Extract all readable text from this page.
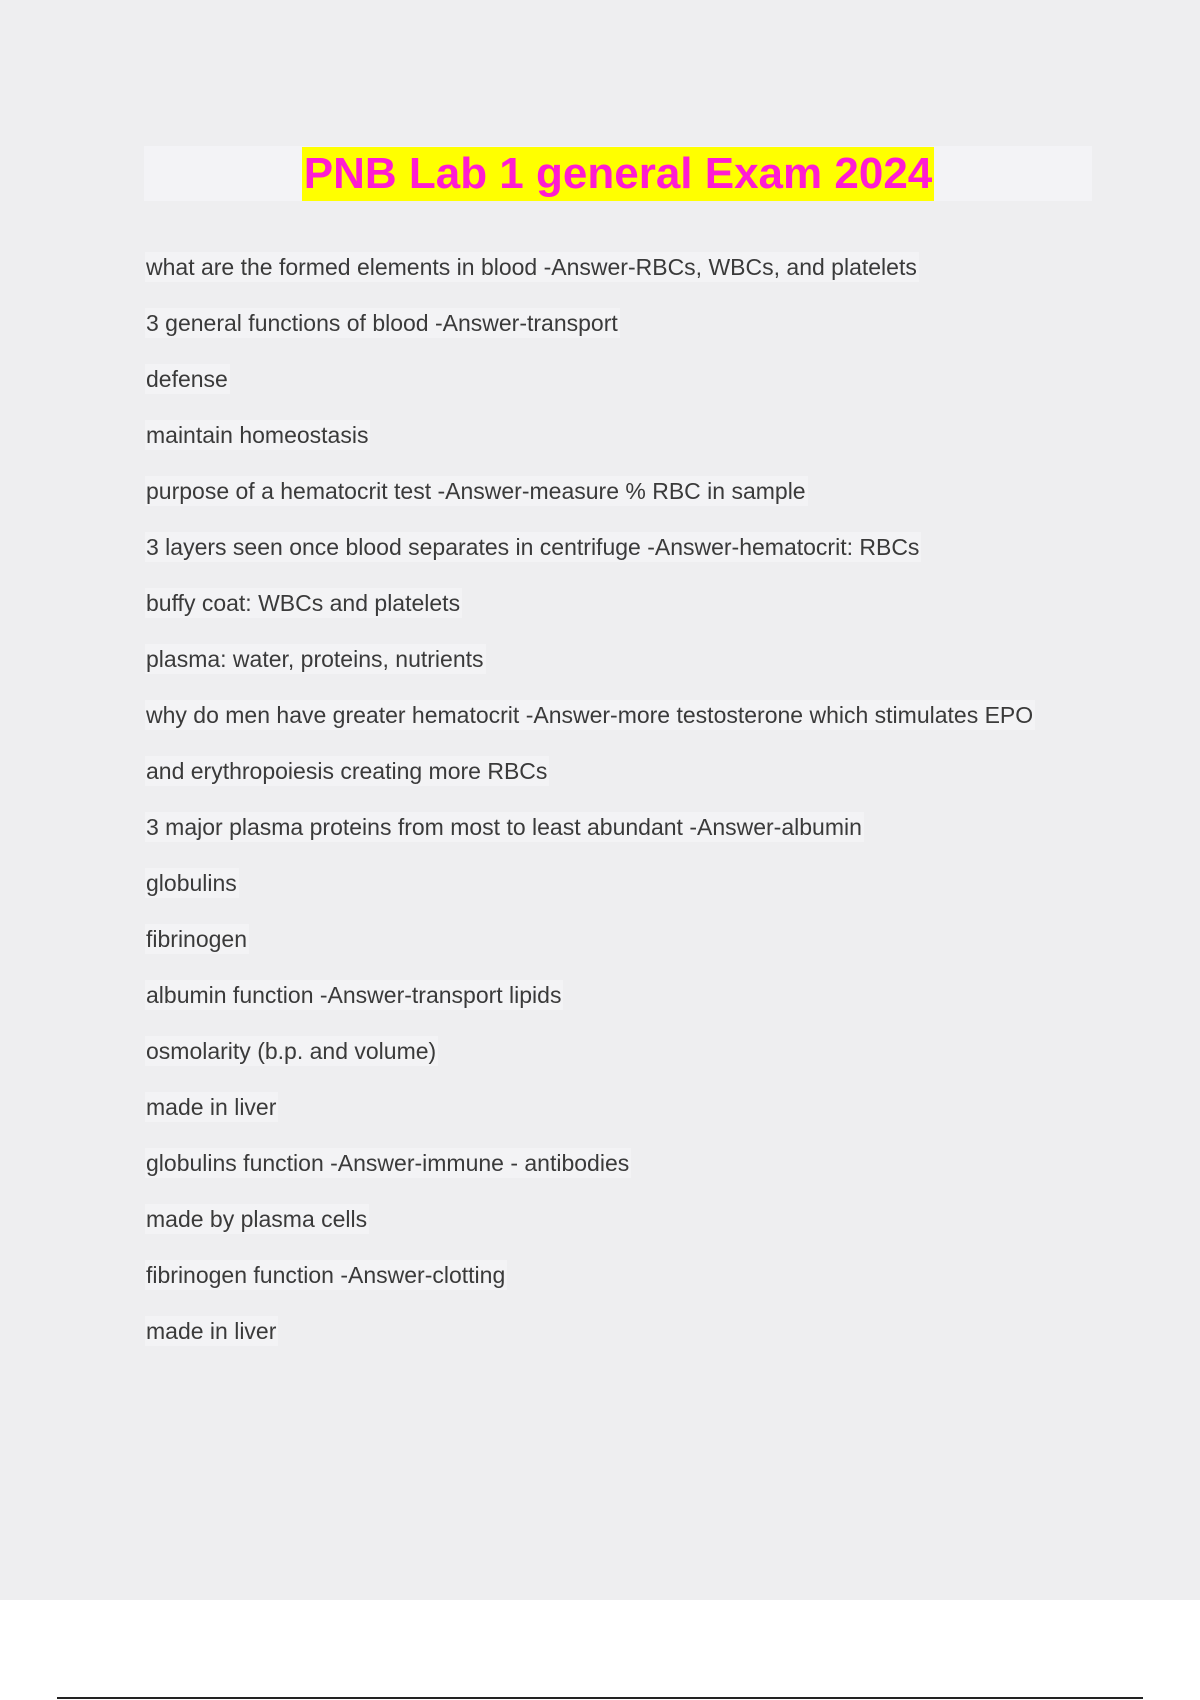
PNB Lab 1 general Exam 2024
what are the formed elements in blood -Answer-RBCs, WBCs, and platelets
3 general functions of blood -Answer-transport
defense
maintain homeostasis
purpose of a hematocrit test -Answer-measure % RBC in sample
3 layers seen once blood separates in centrifuge -Answer-hematocrit: RBCs
buffy coat: WBCs and platelets
plasma: water, proteins, nutrients
why do men have greater hematocrit -Answer-more testosterone which stimulates EPO
and erythropoiesis creating more RBCs
3 major plasma proteins from most to least abundant -Answer-albumin
globulins
fibrinogen
albumin function -Answer-transport lipids
osmolarity (b.p. and volume)
made in liver
globulins function -Answer-immune - antibodies
made by plasma cells
fibrinogen function -Answer-clotting
made in liver
